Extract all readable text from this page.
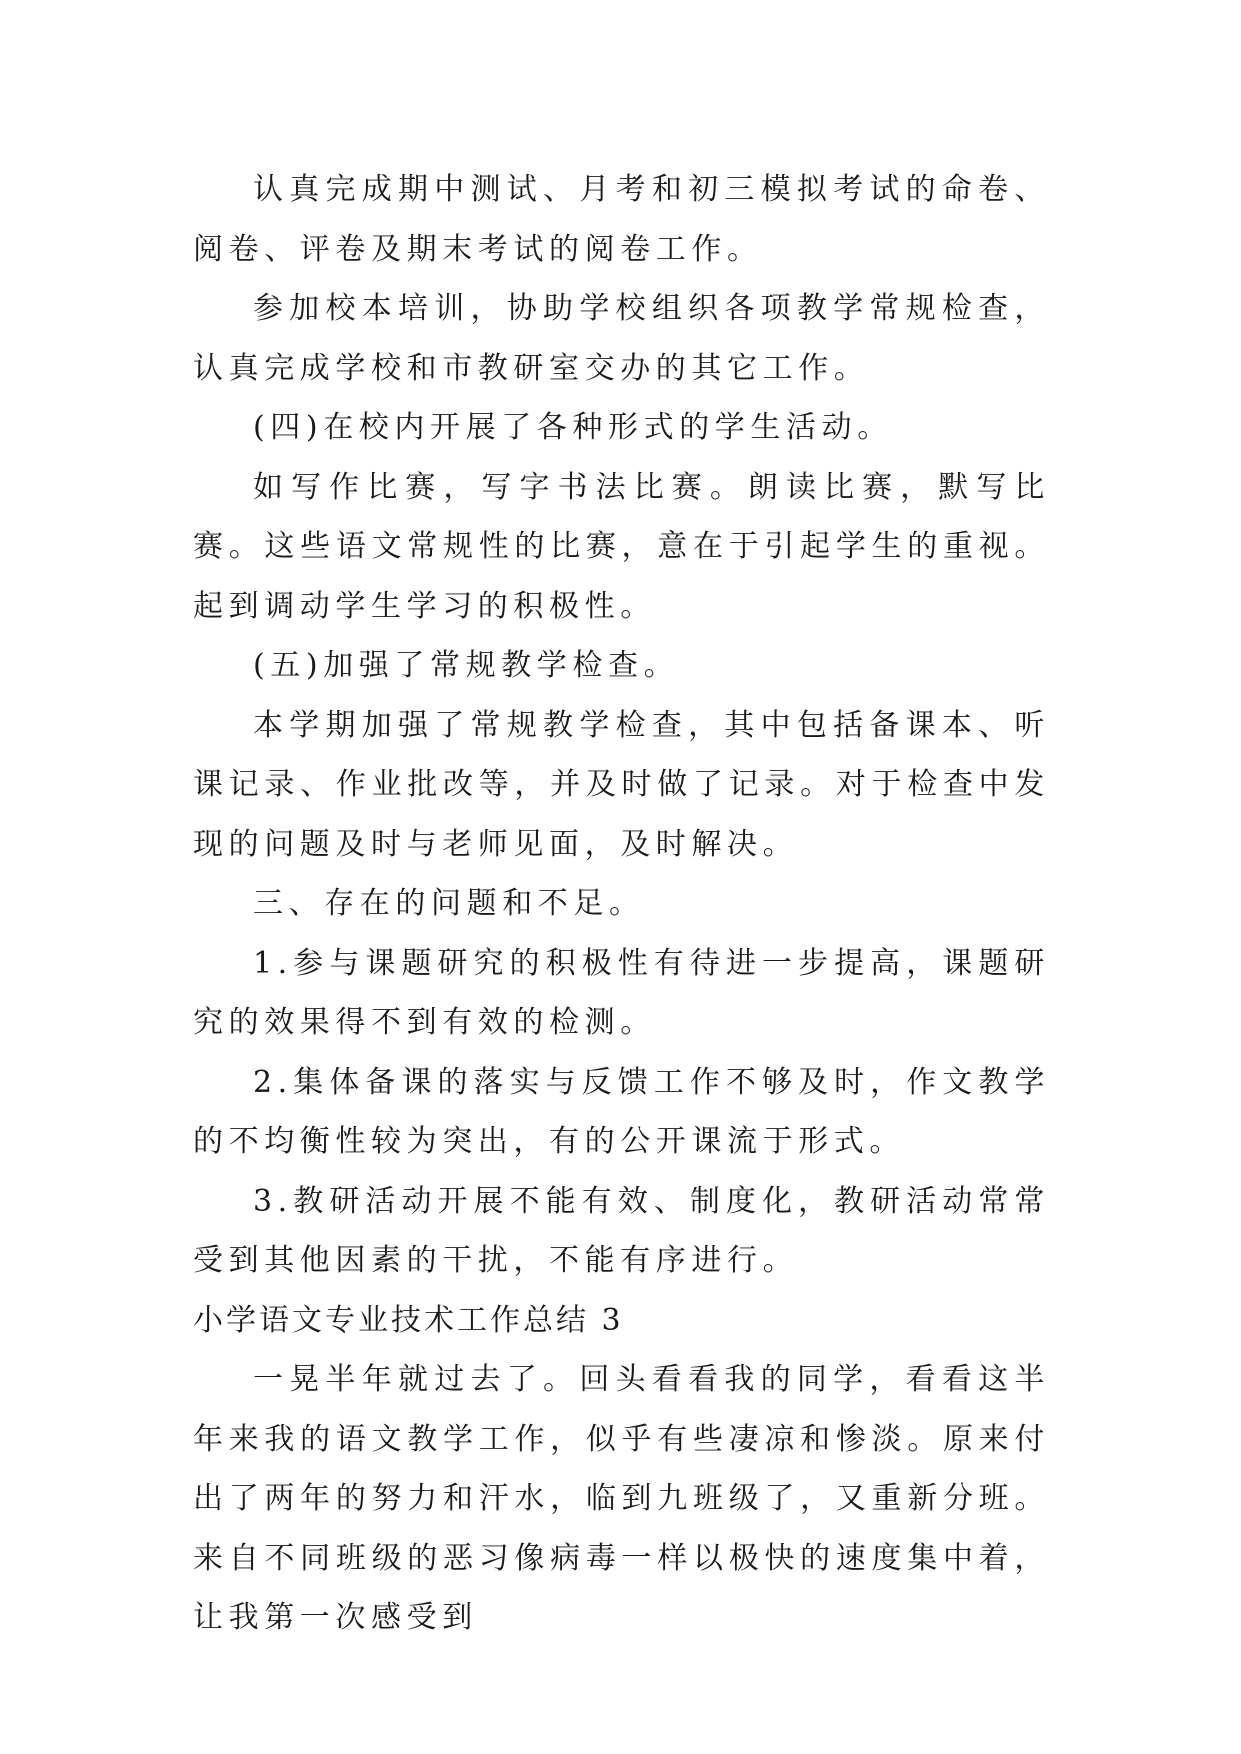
认真完成期中测试、月考和初三模拟考试的命卷、阅卷、评卷及期末考试的阅卷工作。

参加校本培训，协助学校组织各项教学常规检查，认真完成学校和市教研室交办的其它工作。

(四)在校内开展了各种形式的学生活动。

如写作比赛，写字书法比赛。朗读比赛，默写比赛。这些语文常规性的比赛，意在于引起学生的重视。起到调动学生学习的积极性。

(五)加强了常规教学检查。

本学期加强了常规教学检查，其中包括备课本、听课记录、作业批改等，并及时做了记录。对于检查中发现的问题及时与老师见面，及时解决。

三、存在的问题和不足。

1.参与课题研究的积极性有待进一步提高，课题研究的效果得不到有效的检测。

2.集体备课的落实与反馈工作不够及时，作文教学的不均衡性较为突出，有的公开课流于形式。

3.教研活动开展不能有效、制度化，教研活动常常受到其他因素的干扰，不能有序进行。

小学语文专业技术工作总结 3

一晃半年就过去了。回头看看我的同学，看看这半年来我的语文教学工作，似乎有些凄凉和惨淡。原来付出了两年的努力和汗水，临到九班级了，又重新分班。来自不同班级的恶习像病毒一样以极快的速度集中着，让我第一次感受到
